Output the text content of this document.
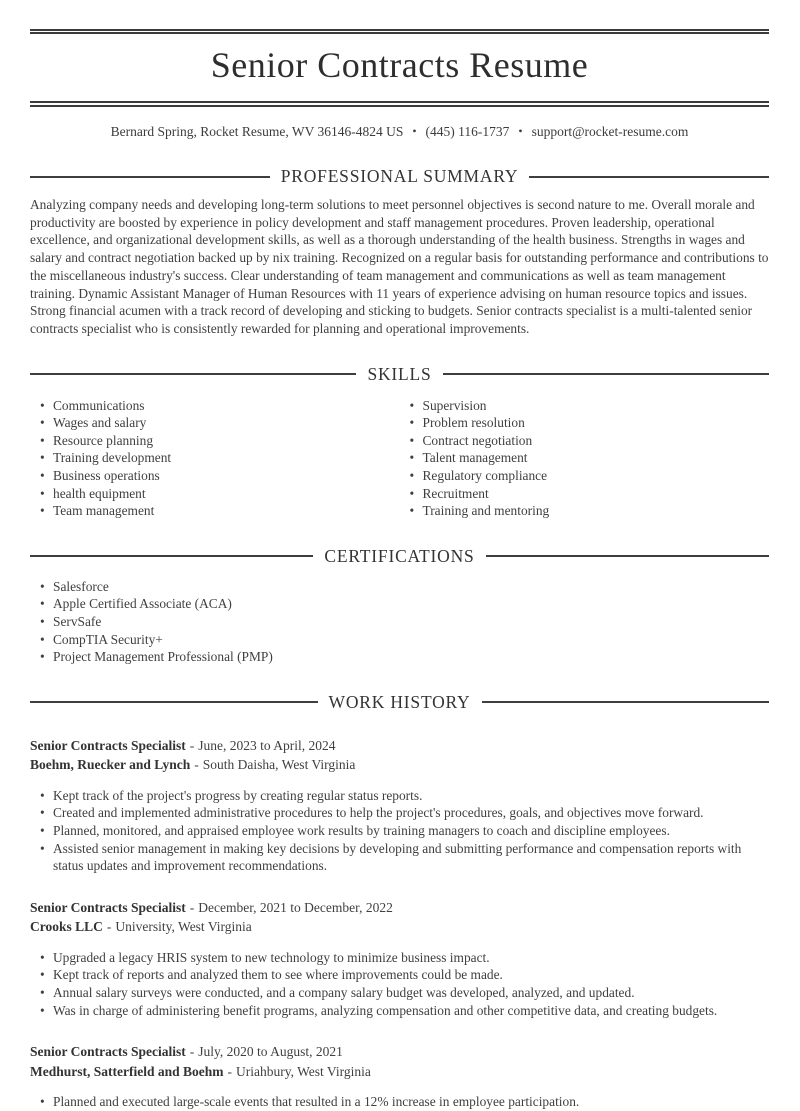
Senior Contracts Resume
Bernard Spring, Rocket Resume, WV 36146-4824 US • (445) 116-1737 • support@rocket-resume.com
PROFESSIONAL SUMMARY

Analyzing company needs and developing long-term solutions to meet personnel objectives is second nature to me. Overall morale and productivity are boosted by experience in policy development and staff management procedures. Proven leadership, operational excellence, and organizational development skills, as well as a thorough understanding of the health business. Strengths in wages and salary and contract negotiation backed up by nix training. Recognized on a regular basis for outstanding performance and contributions to the miscellaneous industry's success. Clear understanding of team management and communications as well as team management training. Dynamic Assistant Manager of Human Resources with 11 years of experience advising on human resource topics and issues. Strong financial acumen with a track record of developing and sticking to budgets. Senior contracts specialist is a multi-talented senior contracts specialist who is consistently rewarded for planning and operational improvements.

SKILLS
• Communications
• Wages and salary
• Resource planning
• Training development
• Business operations
• health equipment
• Team management
• Supervision
• Problem resolution
• Contract negotiation
• Talent management
• Regulatory compliance
• Recruitment
• Training and mentoring
CERTIFICATIONS
• Salesforce
• Apple Certified Associate (ACA)
• ServSafe
• CompTIA Security+
• Project Management Professional (PMP)
WORK HISTORY
Senior Contracts Specialist - June, 2023 to April, 2024
Boehm, Ruecker and Lynch - South Daisha, West Virginia
• Kept track of the project's progress by creating regular status reports.
• Created and implemented administrative procedures to help the project's procedures, goals, and objectives move forward.
• Planned, monitored, and appraised employee work results by training managers to coach and discipline employees.
• Assisted senior management in making key decisions by developing and submitting performance and compensation reports with status updates and improvement recommendations.
Senior Contracts Specialist - December, 2021 to December, 2022
Crooks LLC - University, West Virginia
• Upgraded a legacy HRIS system to new technology to minimize business impact.
• Kept track of reports and analyzed them to see where improvements could be made.
• Annual salary surveys were conducted, and a company salary budget was developed, analyzed, and updated.
• Was in charge of administering benefit programs, analyzing compensation and other competitive data, and creating budgets.
Senior Contracts Specialist - July, 2020 to August, 2021
Medhurst, Satterfield and Boehm - Uriahbury, West Virginia
• Planned and executed large-scale events that resulted in a 12% increase in employee participation.
